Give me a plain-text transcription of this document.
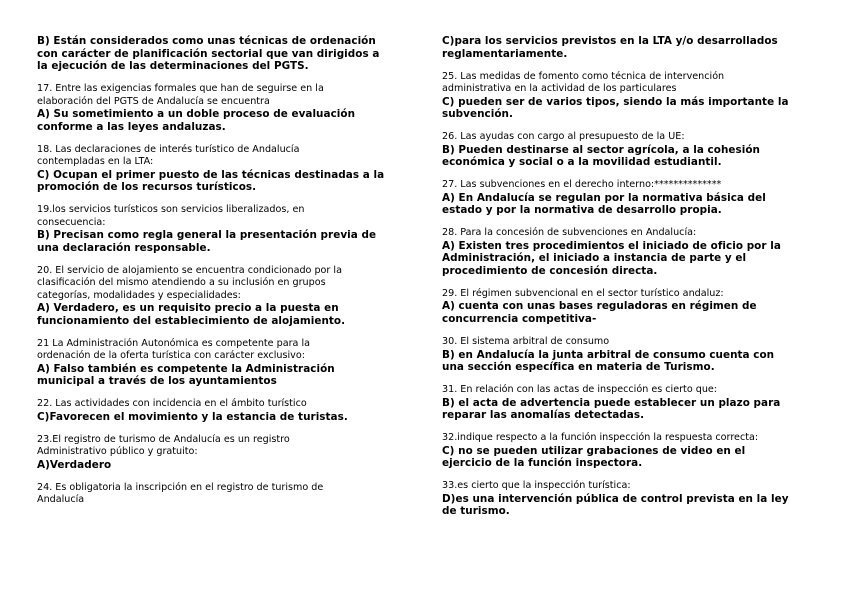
B) Están considerados como unas técnicas de ordenación
con carácter de planificación sectorial que van dirigidos a
la ejecución de las determinaciones del PGTS.
17. Entre las exigencias formales que han de seguirse en la
elaboración del PGTS de Andalucía se encuentra
A) Su sometimiento a un doble proceso de evaluación
conforme a las leyes andaluzas.
18. Las declaraciones de interés turístico de Andalucía
contempladas en la LTA:
C) Ocupan el primer puesto de las técnicas destinadas a la
promoción de los recursos turísticos.
19.los servicios turísticos son servicios liberalizados, en
consecuencia:
B) Precisan como regla general la presentación previa de
una declaración responsable.
20. El servicio de alojamiento se encuentra condicionado por la
clasificación del mismo atendiendo a su inclusión en grupos
categorías, modalidades y especialidades:
A) Verdadero, es un requisito precio a la puesta en
funcionamiento del establecimiento de alojamiento.
21 La Administración Autonómica es competente para la
ordenación de la oferta turística con carácter exclusivo:
A) Falso también es competente la Administración
municipal a través de los ayuntamientos
22. Las actividades con incidencia en el ámbito turístico
C)Favorecen el movimiento y la estancia de turistas.
23.El registro de turismo de Andalucía es un registro
Administrativo público y gratuito:
A)Verdadero
24. Es obligatoria la inscripción en el registro de turismo de
Andalucía
C)para los servicios previstos en la LTA y/o desarrollados
reglamentariamente.
25. Las medidas de fomento como técnica de intervención
administrativa en la actividad de los particulares
C) pueden ser de varios tipos, siendo la más importante la
subvención.
26. Las ayudas con cargo al presupuesto de la UE:
B) Pueden destinarse al sector agrícola, a la cohesión
económica y social o a la movilidad estudiantil.
27. Las subvenciones en el derecho interno:**************
A) En Andalucía se regulan por la normativa básica del
estado y por la normativa de desarrollo propia.
28. Para la concesión de subvenciones en Andalucía:
A) Existen tres procedimientos el iniciado de oficio por la
Administración, el iniciado a instancia de parte y el
procedimiento de concesión directa.
29. El régimen subvencional en el sector turístico andaluz:
A) cuenta con unas bases reguladoras en régimen de
concurrencia competitiva-
30. El sistema arbitral de consumo
B) en Andalucía la junta arbitral de consumo cuenta con
una sección específica en materia de Turismo.
31. En relación con las actas de inspección es cierto que:
B) el acta de advertencia puede establecer un plazo para
reparar las anomalías detectadas.
32.indique respecto a la función inspección la respuesta correcta:
C) no se pueden utilizar grabaciones de video en el
ejercicio de la función inspectora.
33.es cierto que la inspección turística:
D)es una intervención pública de control prevista en la ley
de turismo.
